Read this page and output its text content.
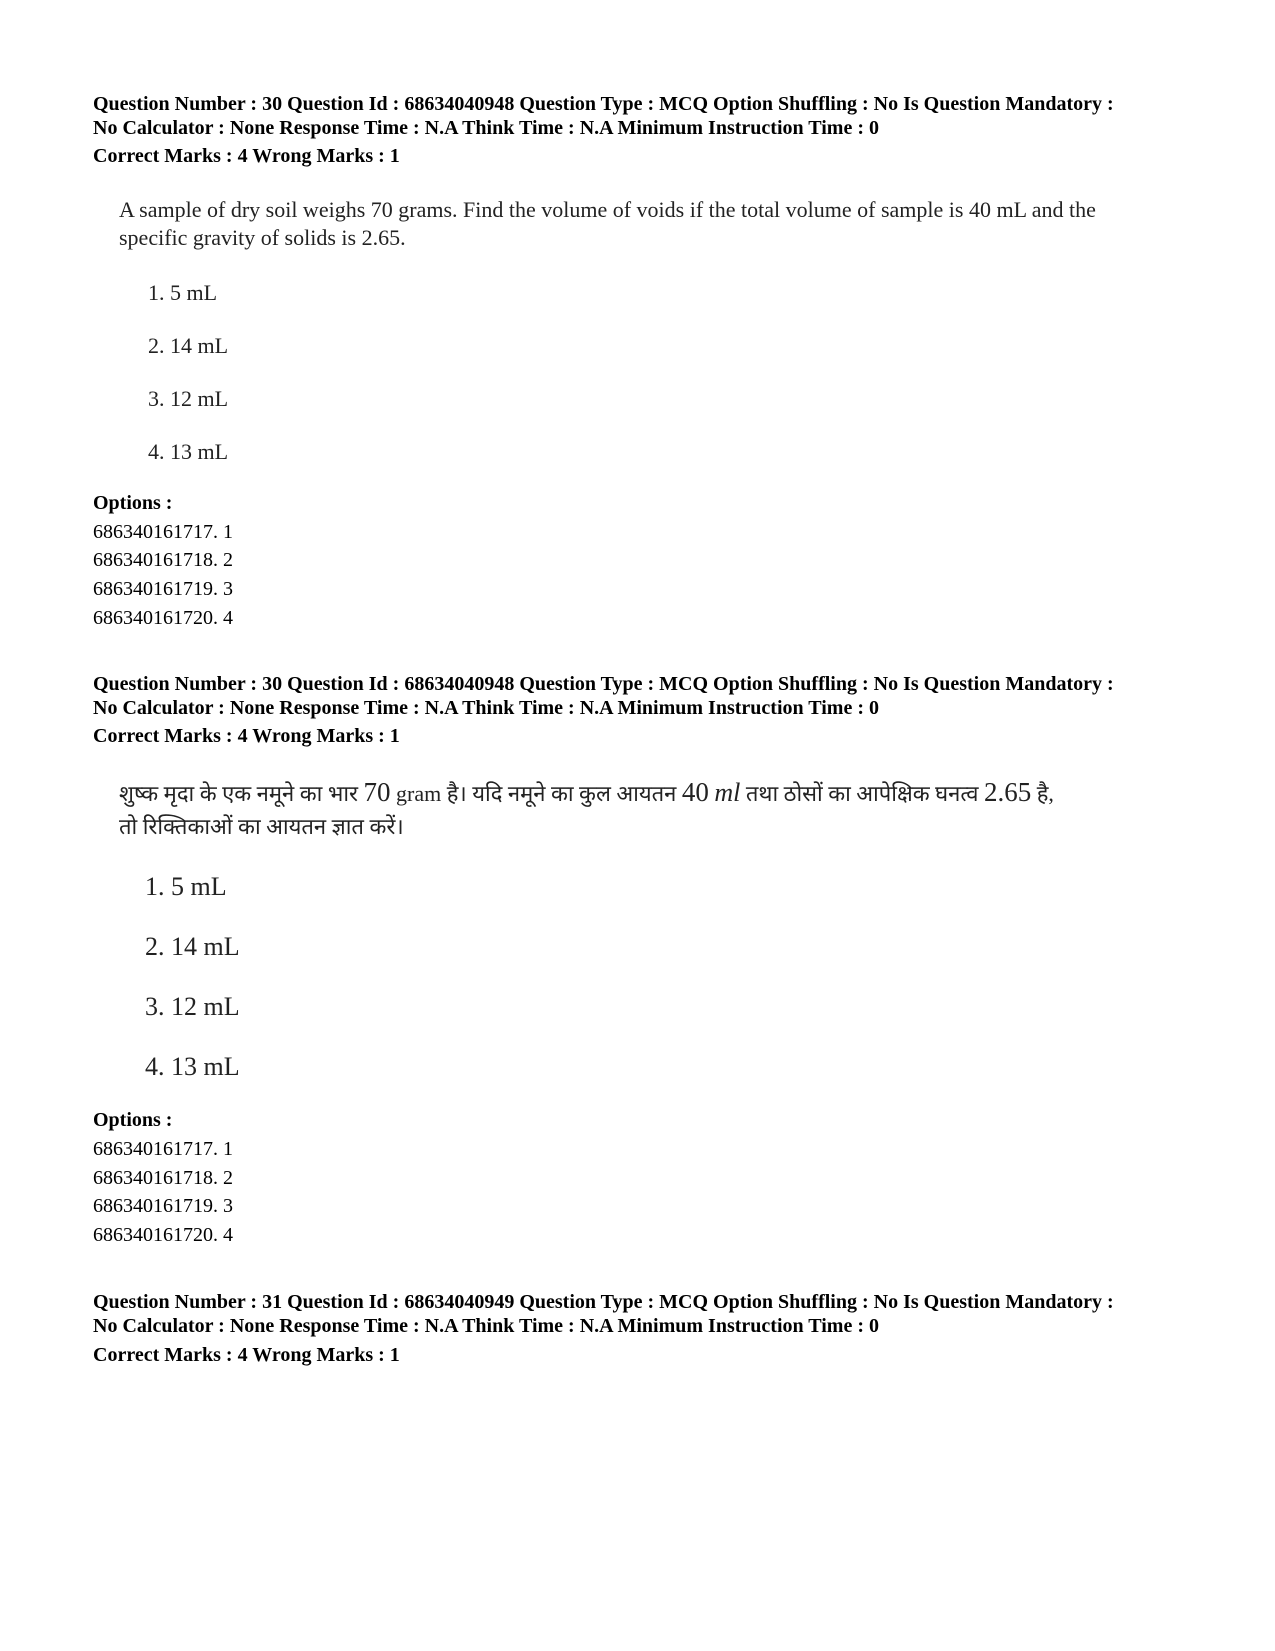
Question Number : 30 Question Id : 68634040948 Question Type : MCQ Option Shuffling : No Is Question Mandatory :
No Calculator : None Response Time : N.A Think Time : N.A Minimum Instruction Time : 0
Correct Marks : 4 Wrong Marks : 1
A sample of dry soil weighs 70 grams. Find the volume of voids if the total volume of sample is 40 mL and the
specific gravity of solids is 2.65.
1. 5 mL
2. 14 mL
3. 12 mL
4. 13 mL
Options :
686340161717. 1
686340161718. 2
686340161719. 3
686340161720. 4
Question Number : 30 Question Id : 68634040948 Question Type : MCQ Option Shuffling : No Is Question Mandatory :
No Calculator : None Response Time : N.A Think Time : N.A Minimum Instruction Time : 0
Correct Marks : 4 Wrong Marks : 1
शुष्क मृदा के एक नमूने का भार 70 gram है। यदि नमूने का कुल आयतन 40 ml तथा ठोसों का आपेक्षिक घनत्व 2.65 है,
तो रिक्तिकाओं का आयतन ज्ञात करें।
1. 5 mL
2. 14 mL
3. 12 mL
4. 13 mL
Options :
686340161717. 1
686340161718. 2
686340161719. 3
686340161720. 4
Question Number : 31 Question Id : 68634040949 Question Type : MCQ Option Shuffling : No Is Question Mandatory :
No Calculator : None Response Time : N.A Think Time : N.A Minimum Instruction Time : 0
Correct Marks : 4 Wrong Marks : 1
